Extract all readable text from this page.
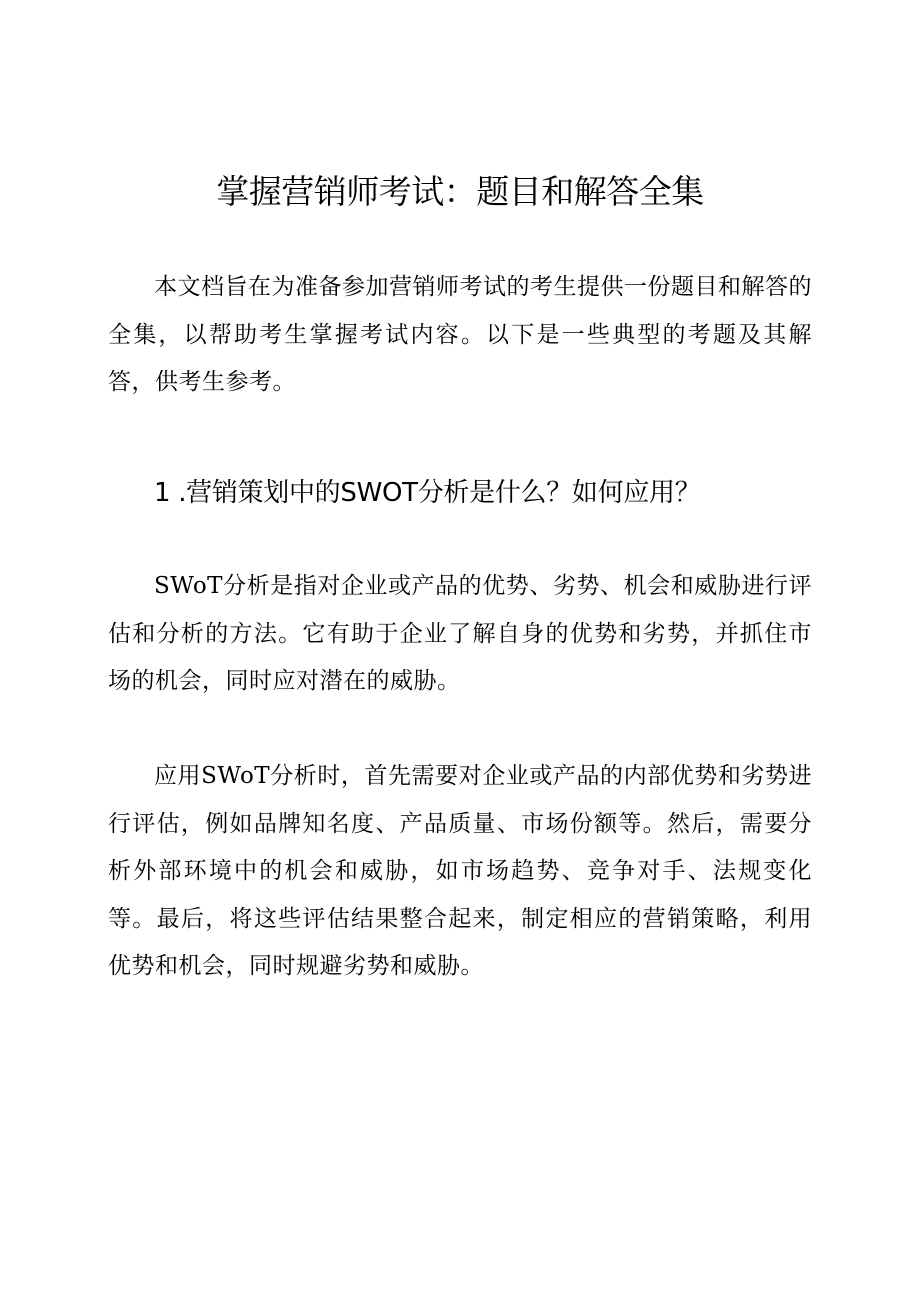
掌握营销师考试：题目和解答全集

本文档旨在为准备参加营销师考试的考生提供一份题目和解答的全集，以帮助考生掌握考试内容。以下是一些典型的考题及其解答，供考生参考。

1 .营销策划中的SWOT分析是什么？如何应用？

SWoT分析是指对企业或产品的优势、劣势、机会和威胁进行评估和分析的方法。它有助于企业了解自身的优势和劣势，并抓住市场的机会，同时应对潜在的威胁。

应用SWoT分析时，首先需要对企业或产品的内部优势和劣势进行评估，例如品牌知名度、产品质量、市场份额等。然后，需要分析外部环境中的机会和威胁，如市场趋势、竞争对手、法规变化等。最后，将这些评估结果整合起来，制定相应的营销策略，利用优势和机会，同时规避劣势和威胁。
